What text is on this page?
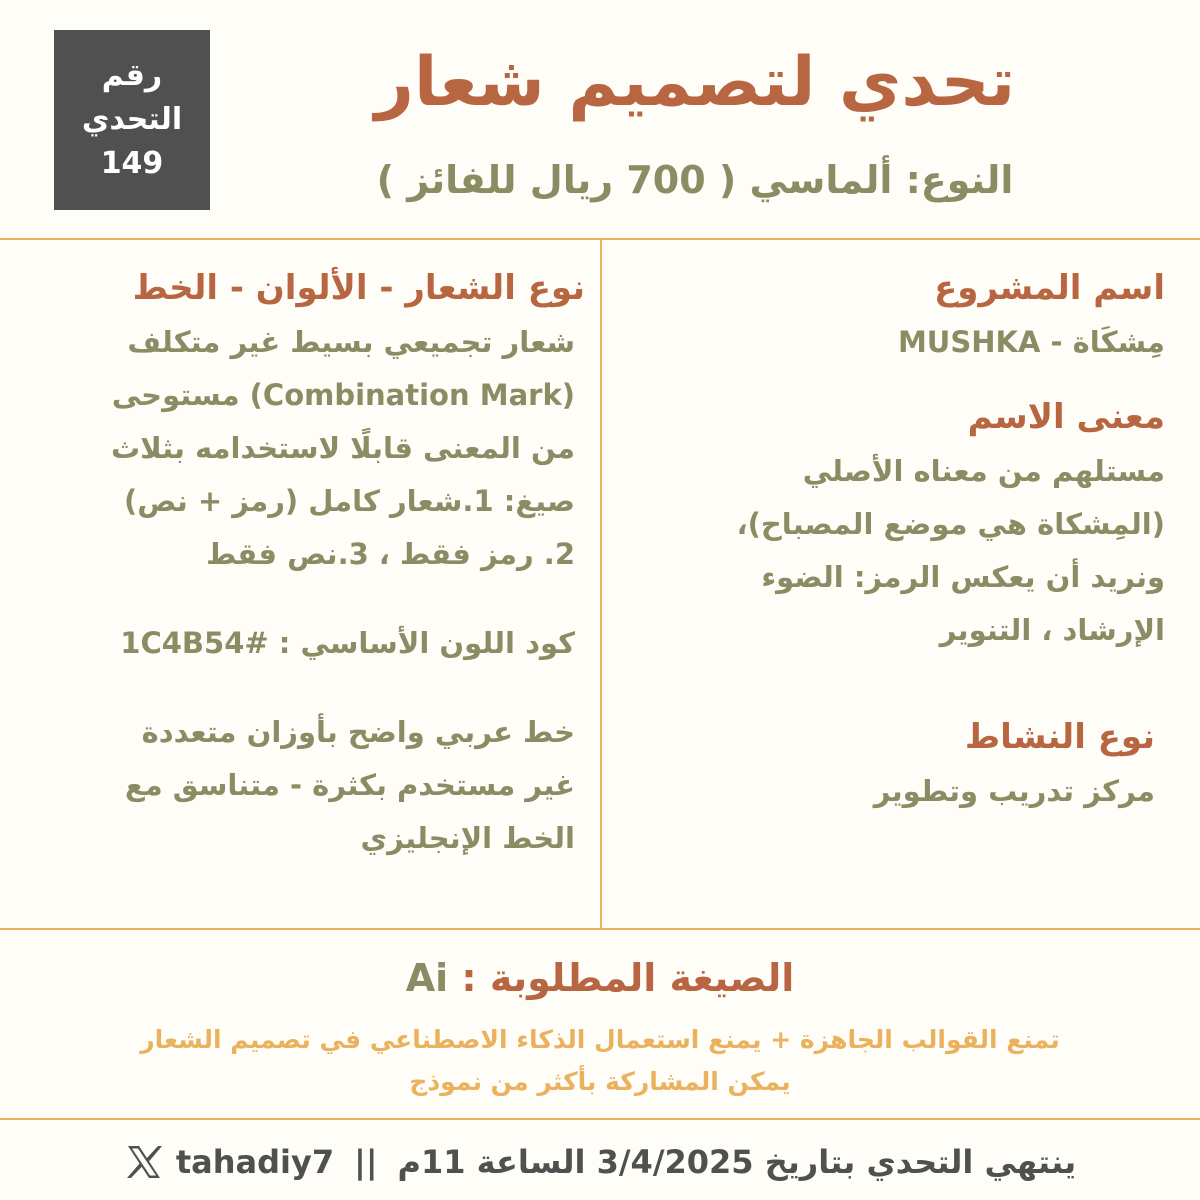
رقم
التحدي
149
تحدي لتصميم شعار
النوع: ألماسي ( 700 ريال للفائز )

اسم المشروع

مِشكَاة - MUSHKA

معنى الاسم

مستلهم من معناه الأصلي

(المِشكاة هي موضع المصباح)،

ونريد أن يعكس الرمز: الضوء

الإرشاد ، التنوير

نوع النشاط

مركز تدريب وتطوير

نوع الشعار - الألوان - الخط

شعار تجميعي بسيط غير متكلف

(Combination Mark) مستوحى

من المعنى قابلًا لاستخدامه بثلاث

صيغ: 1.شعار كامل (رمز + نص)

2. رمز فقط ، 3.نص فقط

كود اللون الأساسي : 1C4B54#

خط عربي واضح بأوزان متعددة

غير مستخدم بكثرة - متناسق مع

الخط الإنجليزي

الصيغة المطلوبة : Ai
تمنع القوالب الجاهزة + يمنع استعمال الذكاء الاصطناعي في تصميم الشعار
يمكن المشاركة بأكثر من نموذج
tahadiy7 || ينتهي التحدي بتاريخ 3/4/2025 الساعة 11م
